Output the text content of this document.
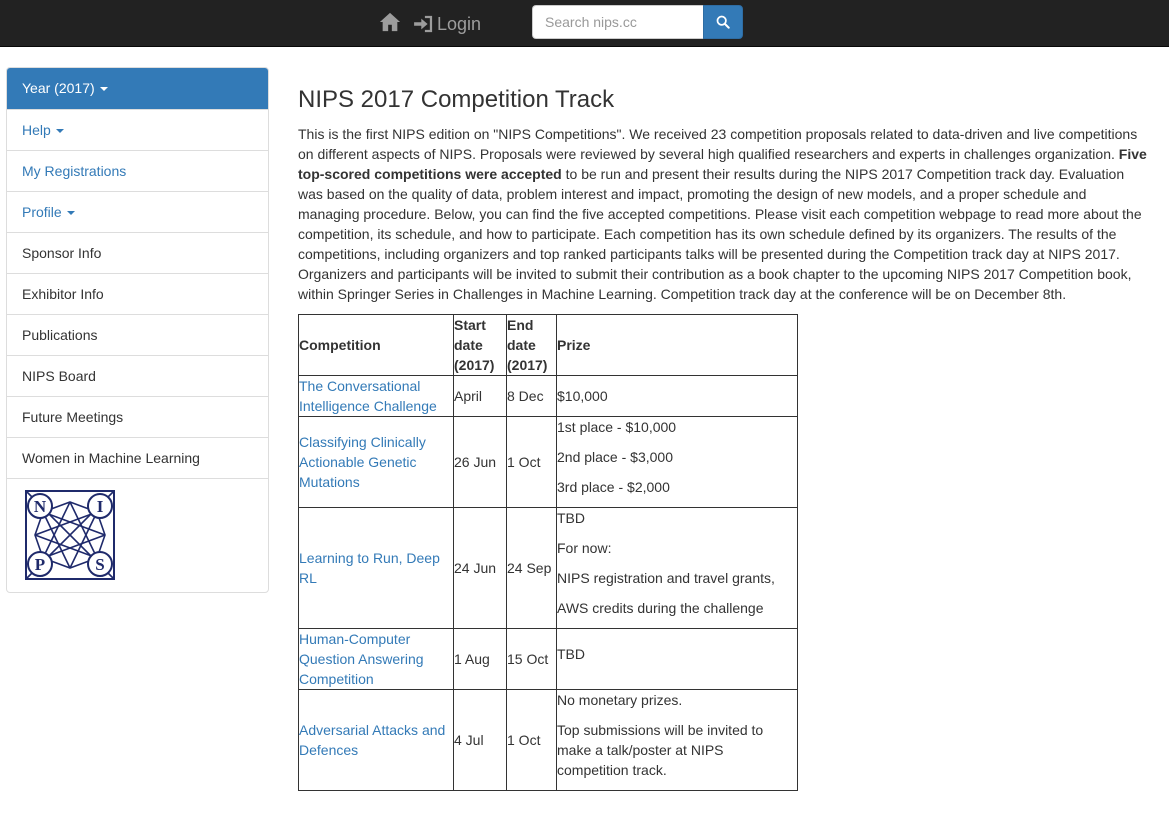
Login
Search nips.cc
Year (2017)
Help
My Registrations
Profile
Sponsor Info
Exhibitor Info
Publications
NIPS Board
Future Meetings
Women in Machine Learning
N	I
P	S
NIPS 2017 Competition Track

This is the first NIPS edition on "NIPS Competitions". We received 23 competition proposals related to data-driven and live competitions on different aspects of NIPS. Proposals were reviewed by several high qualified researchers and experts in challenges organization. Five top-scored competitions were accepted to be run and present their results during the NIPS 2017 Competition track day. Evaluation was based on the quality of data, problem interest and impact, promoting the design of new models, and a proper schedule and managing procedure. Below, you can find the five accepted competitions. Please visit each competition webpage to read more about the competition, its schedule, and how to participate. Each competition has its own schedule defined by its organizers. The results of the competitions, including organizers and top ranked participants talks will be presented during the Competition track day at NIPS 2017. Organizers and participants will be invited to submit their contribution as a book chapter to the upcoming NIPS 2017 Competition book, within Springer Series in Challenges in Machine Learning. Competition track day at the conference will be on December 8th.

Competition	Start date (2017)	End date (2017)	Prize
The Conversational Intelligence Challenge	April	8 Dec	$10,000

Classifying Clinically Actionable Genetic Mutations	26 Jun	1 Oct	1st place - $10,000
2nd place - $3,000
3rd place - $2,000

Learning to Run, Deep RL	24 Jun	24 Sep	TBD
For now:
NIPS registration and travel grants,
AWS credits during the challenge

Human-Computer Question Answering Competition	1 Aug	15 Oct	TBD

Adversarial Attacks and Defences	4 Jul	1 Oct	No monetary prizes.
Top submissions will be invited to make a talk/poster at NIPS competition track.
